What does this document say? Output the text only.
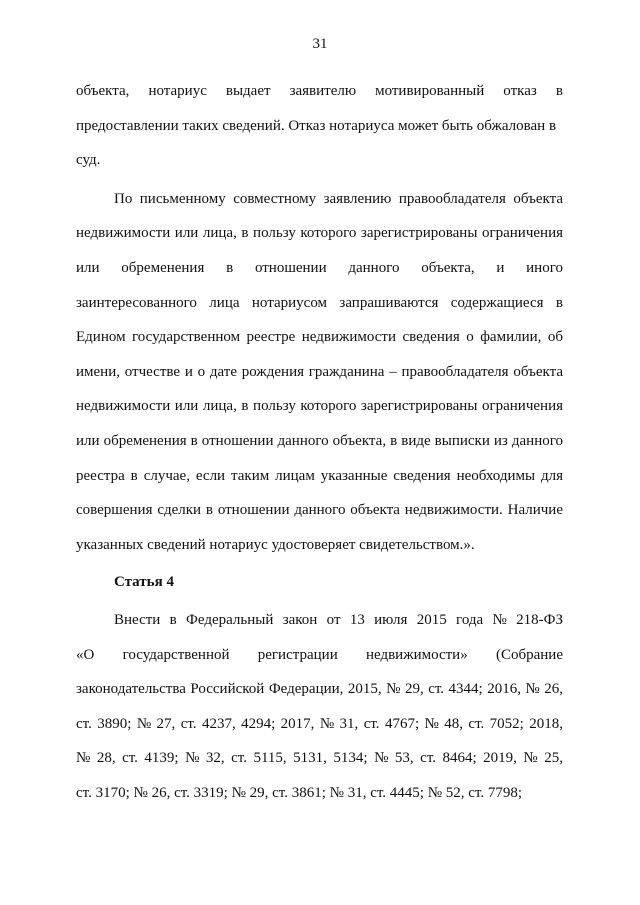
31
объекта, нотариус выдает заявителю мотивированный отказ в
предоставлении таких сведений. Отказ нотариуса может быть обжалован в
суд.
По письменному совместному заявлению правообладателя объекта
недвижимости или лица, в пользу которого зарегистрированы ограничения
или обременения в отношении данного объекта, и иного
заинтересованного лица нотариусом запрашиваются содержащиеся в
Едином государственном реестре недвижимости сведения о фамилии, об
имени, отчестве и о дате рождения гражданина – правообладателя объекта
недвижимости или лица, в пользу которого зарегистрированы ограничения
или обременения в отношении данного объекта, в виде выписки из данного
реестра в случае, если таким лицам указанные сведения необходимы для
совершения сделки в отношении данного объекта недвижимости. Наличие
указанных сведений нотариус удостоверяет свидетельством.».
Статья 4
Внести в Федеральный закон от 13 июля 2015 года № 218-ФЗ
«О государственной регистрации недвижимости» (Собрание
законодательства Российской Федерации, 2015, № 29, ст. 4344; 2016, № 26,
ст. 3890; № 27, ст. 4237, 4294; 2017, № 31, ст. 4767; № 48, ст. 7052; 2018,
№ 28, ст. 4139; № 32, ст. 5115, 5131, 5134; № 53, ст. 8464; 2019, № 25,
ст. 3170; № 26, ст. 3319; № 29, ст. 3861; № 31, ст. 4445; № 52, ст. 7798;
